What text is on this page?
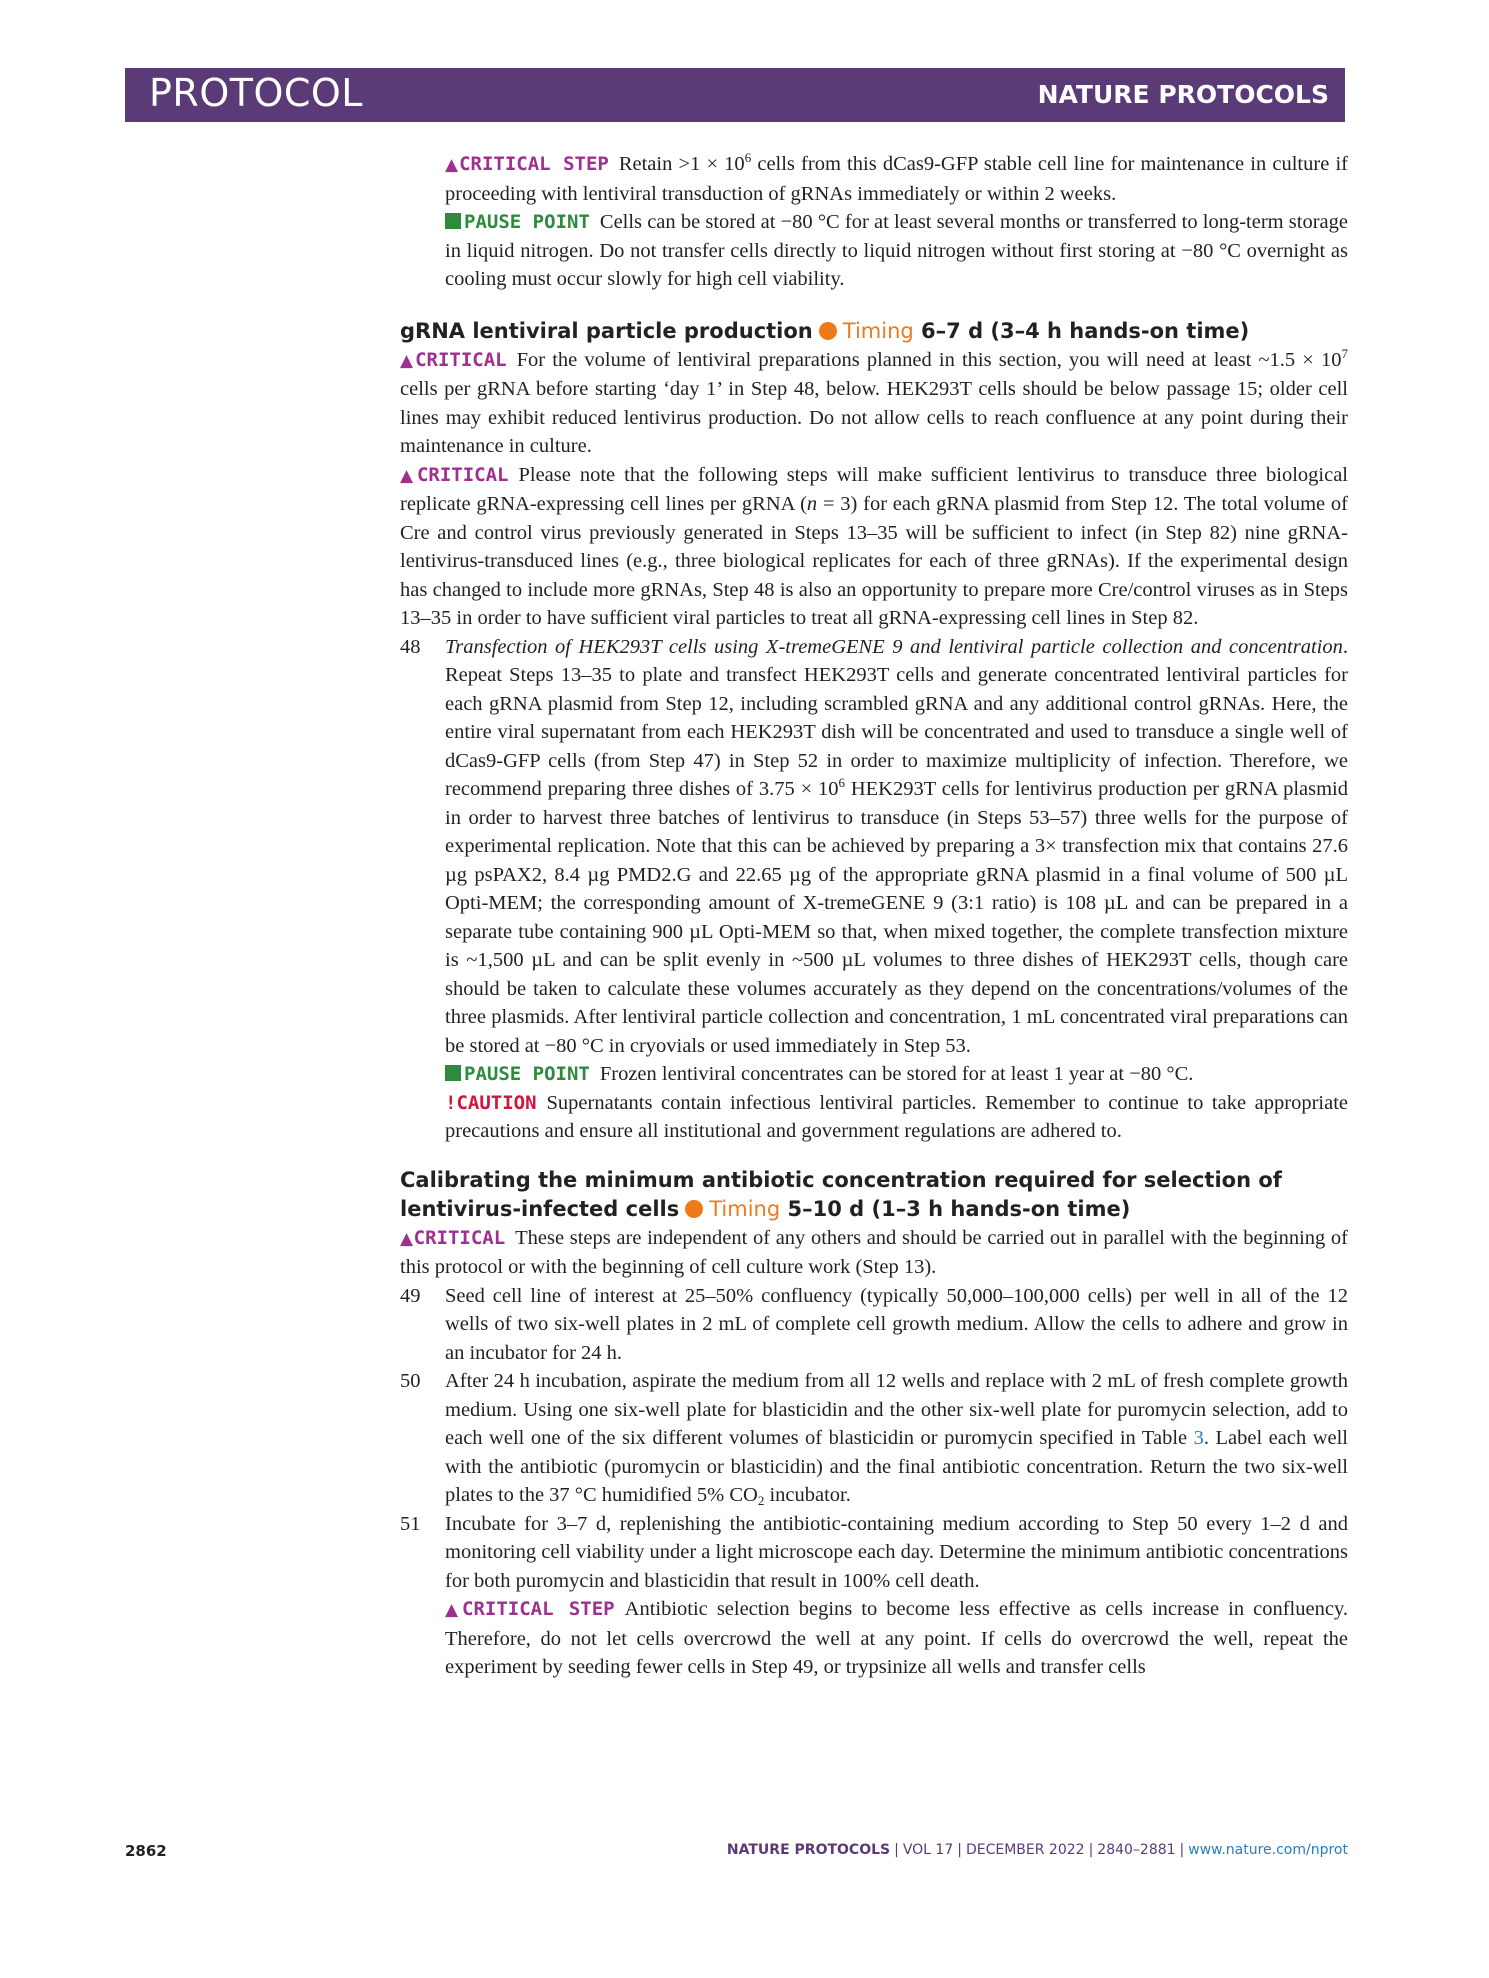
PROTOCOL	NATURE PROTOCOLS

▲CRITICAL STEP Retain $>1 \times 10^6$ cells from this dCas9-GFP stable cell line for maintenance in culture if proceeding with lentiviral transduction of gRNAs immediately or within 2 weeks.

PAUSE POINT Cells can be stored at −80 °C for at least several months or transferred to long-term storage in liquid nitrogen. Do not transfer cells directly to liquid nitrogen without first storing at −80 °C overnight as cooling must occur slowly for high cell viability.

gRNA lentiviral particle production Timing 6–7 d (3–4 h hands-on time)

▲CRITICAL For the volume of lentiviral preparations planned in this section, you will need at least ~1.5 × $10^7$ cells per gRNA before starting ‘day 1’ in Step 48, below. HEK293T cells should be below passage 15; older cell lines may exhibit reduced lentivirus production. Do not allow cells to reach confluence at any point during their maintenance in culture.

▲CRITICAL Please note that the following steps will make sufficient lentivirus to transduce three biological replicate gRNA-expressing cell lines per gRNA (n = 3) for each gRNA plasmid from Step 12. The total volume of Cre and control virus previously generated in Steps 13–35 will be sufficient to infect (in Step 82) nine gRNA-lentivirus-transduced lines (e.g., three biological replicates for each of three gRNAs). If the experimental design has changed to include more gRNAs, Step 48 is also an opportunity to prepare more Cre/control viruses as in Steps 13–35 in order to have sufficient viral particles to treat all gRNA-expressing cell lines in Step 82.

48 Transfection of HEK293T cells using X-tremeGENE 9 and lentiviral particle collection and concentration. Repeat Steps 13–35 to plate and transfect HEK293T cells and generate concentrated lentiviral particles for each gRNA plasmid from Step 12, including scrambled gRNA and any additional control gRNAs. Here, the entire viral supernatant from each HEK293T dish will be concentrated and used to transduce a single well of dCas9-GFP cells (from Step 47) in Step 52 in order to maximize multiplicity of infection. Therefore, we recommend preparing three dishes of $3.75 \times 10^6$ HEK293T cells for lentivirus production per gRNA plasmid in order to harvest three batches of lentivirus to transduce (in Steps 53–57) three wells for the purpose of experimental replication. Note that this can be achieved by preparing a 3× transfection mix that contains 27.6 µg psPAX2, 8.4 µg PMD2.G and 22.65 µg of the appropriate gRNA plasmid in a final volume of 500 µL Opti-MEM; the corresponding amount of X-tremeGENE 9 (3:1 ratio) is 108 µL and can be prepared in a separate tube containing 900 µL Opti-MEM so that, when mixed together, the complete transfection mixture is ~1,500 µL and can be split evenly in ~500 µL volumes to three dishes of HEK293T cells, though care should be taken to calculate these volumes accurately as they depend on the concentrations/volumes of the three plasmids. After lentiviral particle collection and concentration, 1 mL concentrated viral preparations can be stored at −80 °C in cryovials or used immediately in Step 53.

PAUSE POINT Frozen lentiviral concentrates can be stored for at least 1 year at −80 °C.

!CAUTION Supernatants contain infectious lentiviral particles. Remember to continue to take appropriate precautions and ensure all institutional and government regulations are adhered to.

Calibrating the minimum antibiotic concentration required for selection of lentivirus-infected cells Timing 5–10 d (1–3 h hands-on time)

▲CRITICAL These steps are independent of any others and should be carried out in parallel with the beginning of this protocol or with the beginning of cell culture work (Step 13).

49 Seed cell line of interest at 25–50% confluency (typically 50,000–100,000 cells) per well in all of the 12 wells of two six-well plates in 2 mL of complete cell growth medium. Allow the cells to adhere and grow in an incubator for 24 h.
50 After 24 h incubation, aspirate the medium from all 12 wells and replace with 2 mL of fresh complete growth medium. Using one six-well plate for blasticidin and the other six-well plate for puromycin selection, add to each well one of the six different volumes of blasticidin or puromycin specified in Table 3. Label each well with the antibiotic (puromycin or blasticidin) and the final antibiotic concentration. Return the two six-well plates to the 37 °C humidified 5% $CO_2$ incubator.
51 Incubate for 3–7 d, replenishing the antibiotic-containing medium according to Step 50 every 1–2 d and monitoring cell viability under a light microscope each day. Determine the minimum antibiotic concentrations for both puromycin and blasticidin that result in 100% cell death.

▲CRITICAL STEP Antibiotic selection begins to become less effective as cells increase in confluency. Therefore, do not let cells overcrowd the well at any point. If cells do overcrowd the well, repeat the experiment by seeding fewer cells in Step 49, or trypsinize all wells and transfer cells

2862	NATURE PROTOCOLS | VOL 17 | DECEMBER 2022 | 2840–2881 | www.nature.com/nprot
